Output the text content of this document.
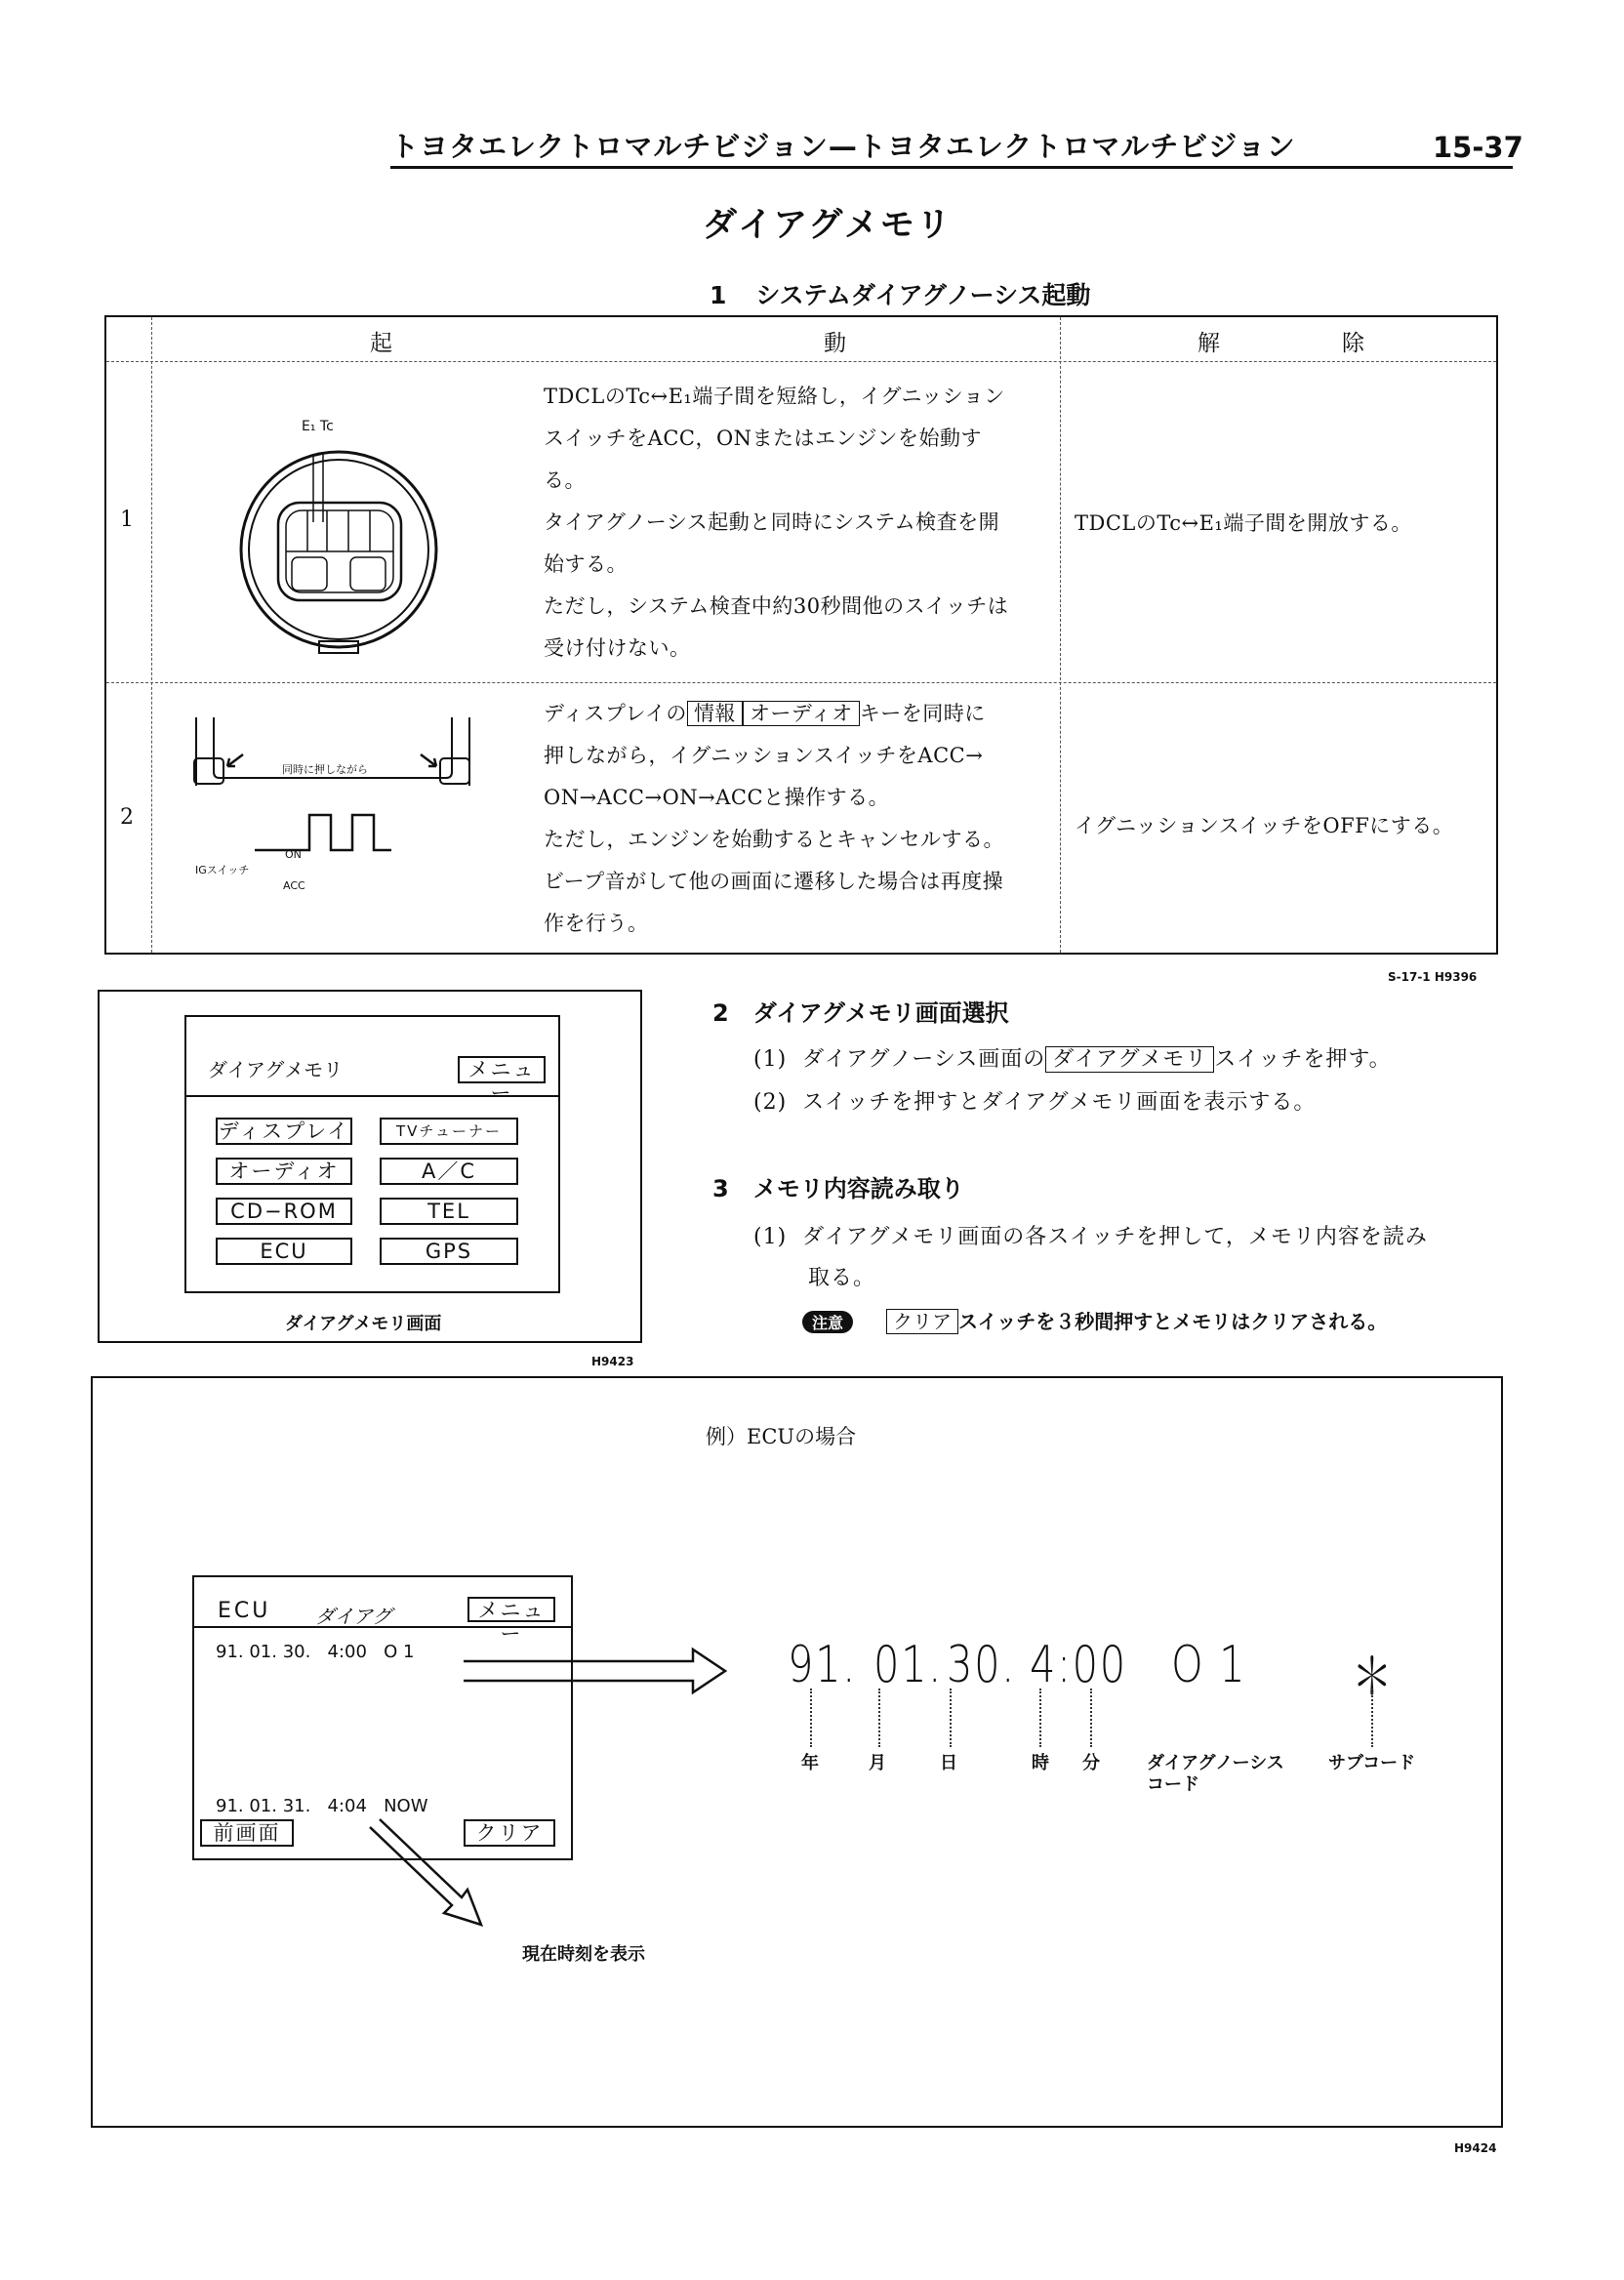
トヨタエレクトロマルチビジョン—トヨタエレクトロマルチビジョン	15-37
ダイアグメモリ
1 システムダイアグノーシス起動
起	動	解	除
1
E₁ Tc
TDCLのTc↔E₁端子間を短絡し，イグニッション
スイッチをACC，ONまたはエンジンを始動す
る。
タイアグノーシス起動と同時にシステム検査を開
始する。
ただし，システム検査中約30秒間他のスイッチは
受け付けない。
TDCLのTc↔E₁端子間を開放する。
2
同時に押しながら
IGスイッチ
ON
ACC
ディスプレイの 情報 オーディオ キーを同時に
押しながら，イグニッションスイッチをACC→
ON→ACC→ON→ACCと操作する。
ただし，エンジンを始動するとキャンセルする。
ビープ音がして他の画面に遷移した場合は再度操
作を行う。
イグニッションスイッチをOFFにする。
S-17-1 H9396
ダイアグメモリ	メニュー
ディスプレイ
オーディオ
CD−ROM
ECU
TVチューナー
A／C
TEL
GPS
ダイアグメモリ画面
H9423
2 ダイアグメモリ画面選択
(1) ダイアグノーシス画面の ダイアグメモリ スイッチを押す。
(2) スイッチを押すとダイアグメモリ画面を表示する。
3 メモリ内容読み取り
(1) ダイアグメモリ画面の各スイッチを押して，メモリ内容を読み
取る。
注意	クリア スイッチを３秒間押すとメモリはクリアされる。
例）ECUの場合
ECU ダイアグ	メニュー
91. 01. 30.   4:00   O 1
91. 01. 31.   4:04   NOW
前画面	クリア
91. 01. 30. 4:00 O 1 ＊
年	月	日	時 分	ダイアグノーシス
コード
サブコード
現在時刻を表示
H9424
